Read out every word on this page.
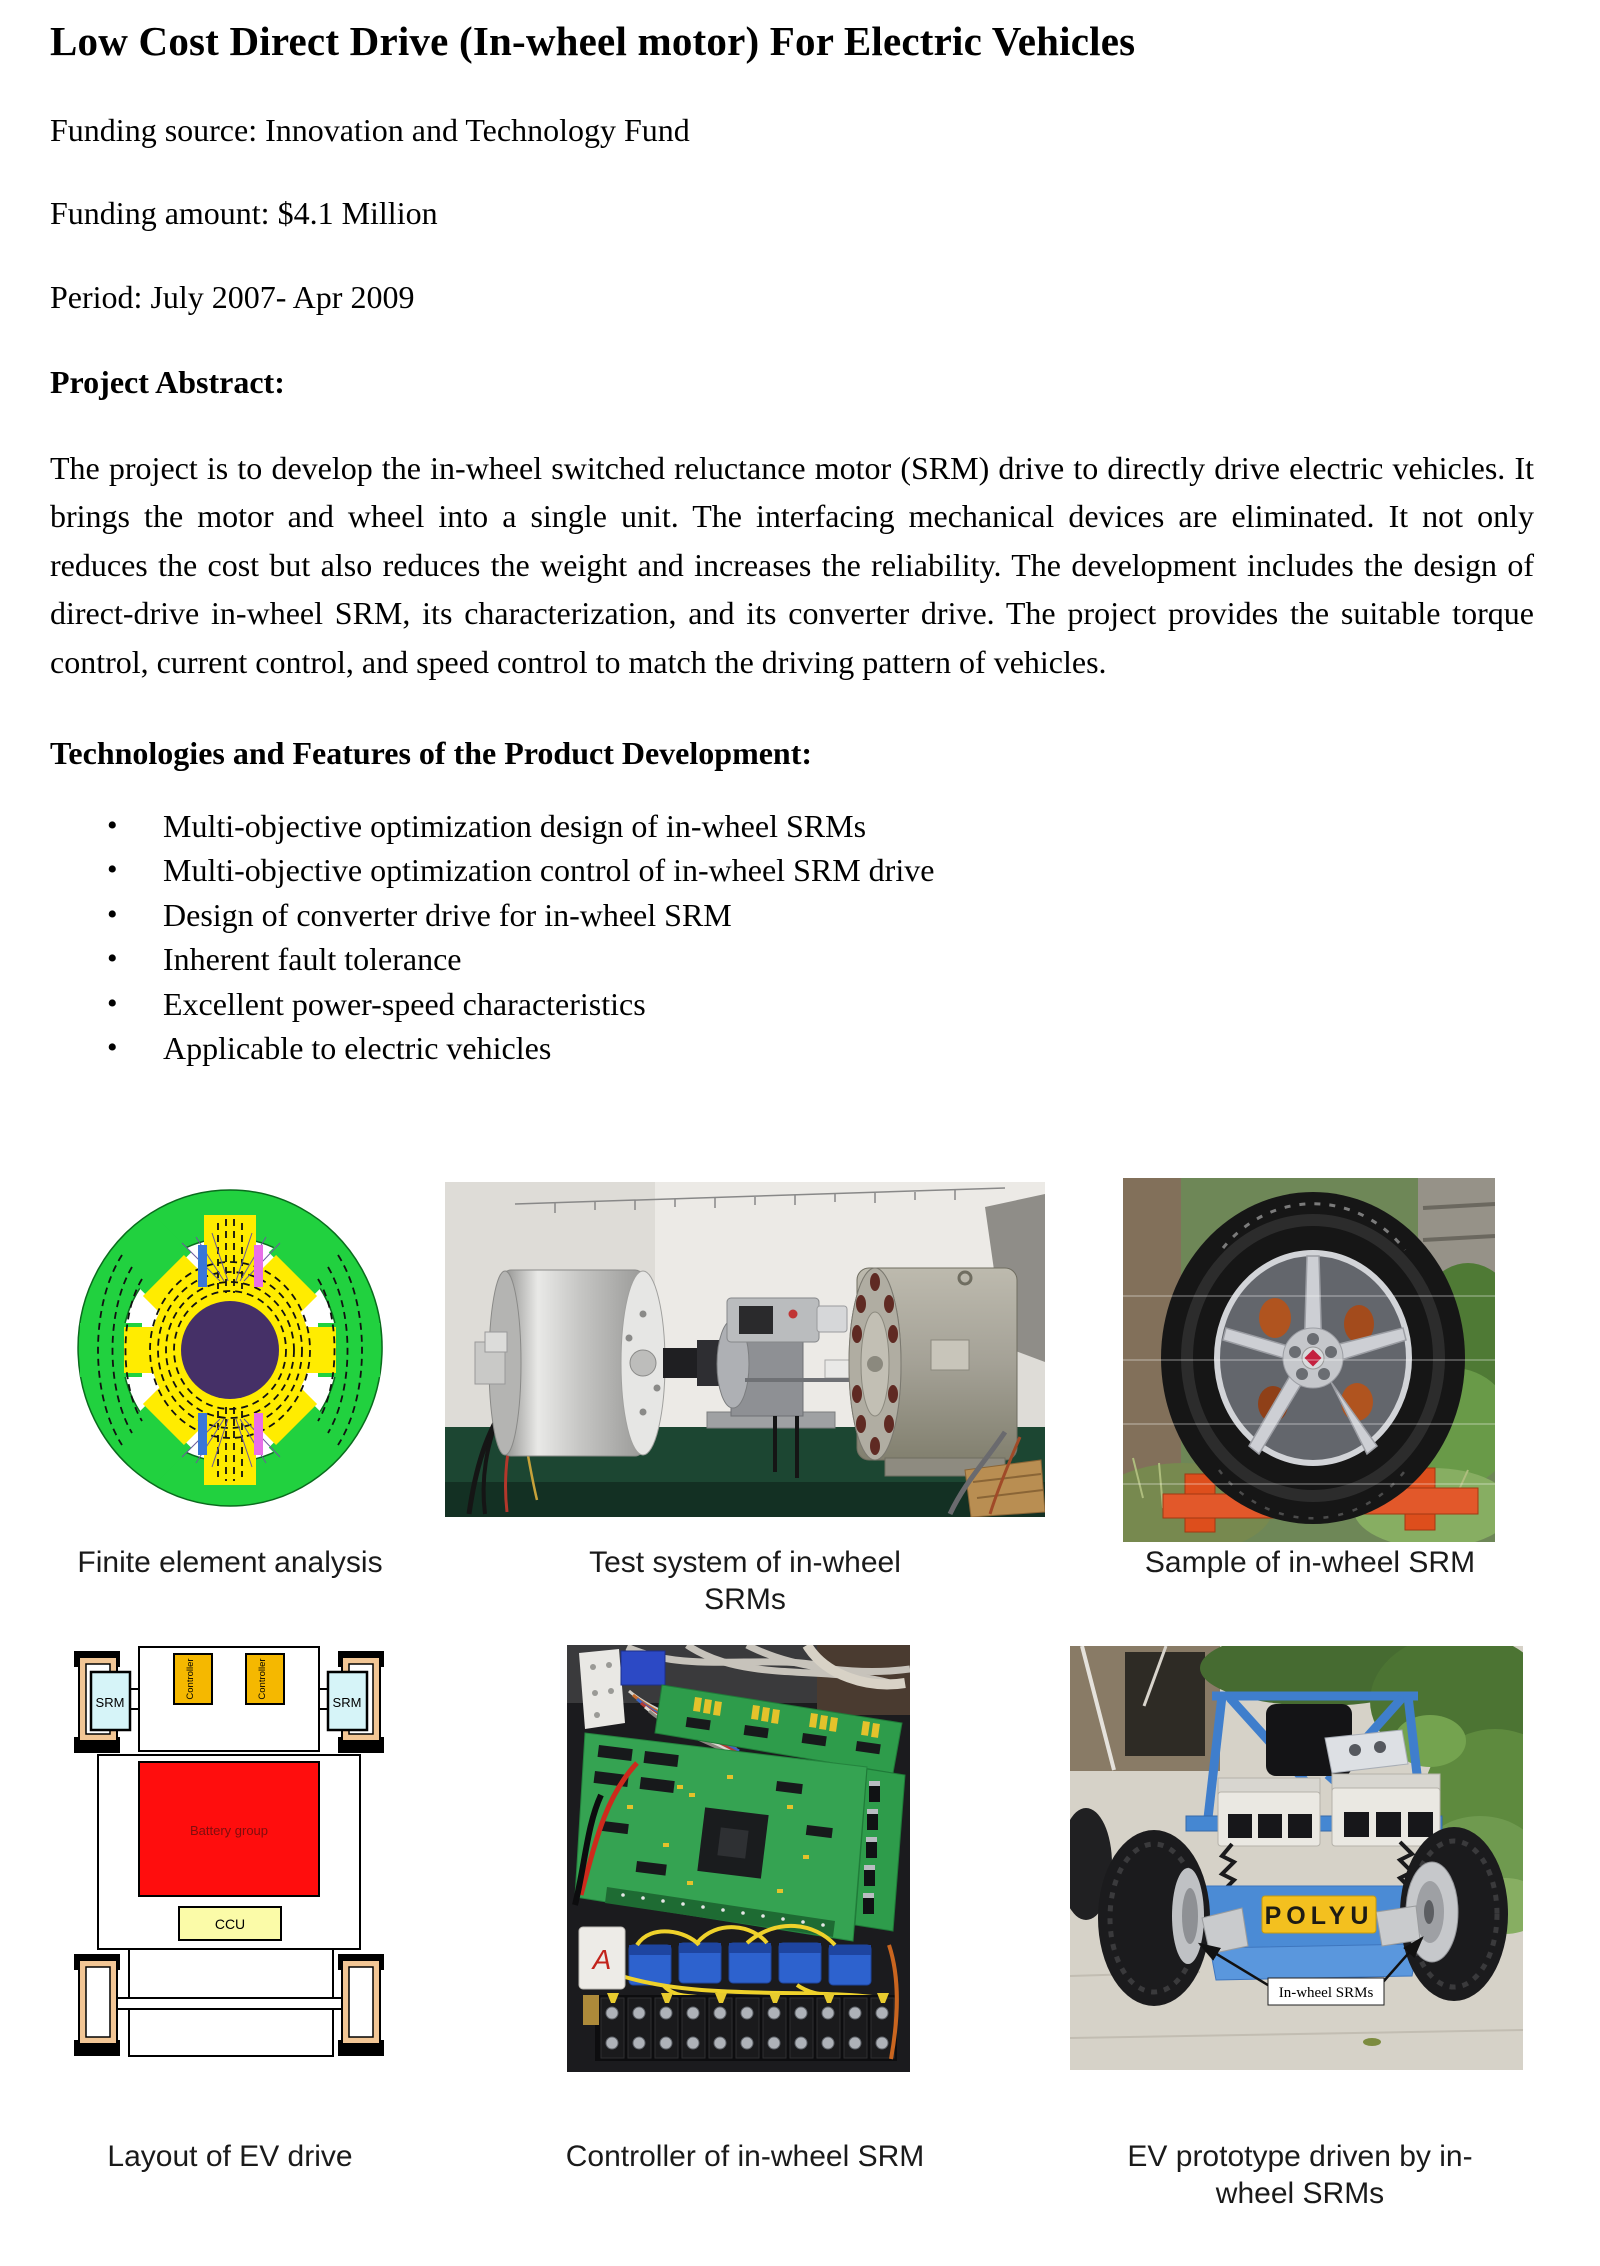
Low Cost Direct Drive (In-wheel motor) For Electric Vehicles

Funding source: Innovation and Technology Fund

Funding amount: $4.1 Million

Period: July 2007- Apr 2009

Project Abstract:

The project is to develop the in-wheel switched reluctance motor (SRM) drive to directly drive electric vehicles. It brings the motor and wheel into a single unit. The interfacing mechanical devices are eliminated. It not only reduces the cost but also reduces the weight and increases the reliability. The development includes the design of direct-drive in-wheel SRM, its characterization, and its converter drive. The project provides the suitable torque control, current control, and speed control to match the driving pattern of vehicles.

Technologies and Features of the Product Development:
• Multi-objective optimization design of in-wheel SRMs
• Multi-objective optimization control of in-wheel SRM drive
• Design of converter drive for in-wheel SRM
• Inherent fault tolerance
• Excellent power-speed characteristics
• Applicable to electric vehicles
Finite element analysis	Test system of in-wheel SRMs
Sample of in-wheel SRM
SRM	SRM
Controller	Controller
Battery group
CCU
A
POLYU
In-wheel SRMs
Layout of EV drive	Controller of in-wheel SRM	EV prototype driven by in-wheel SRMs
